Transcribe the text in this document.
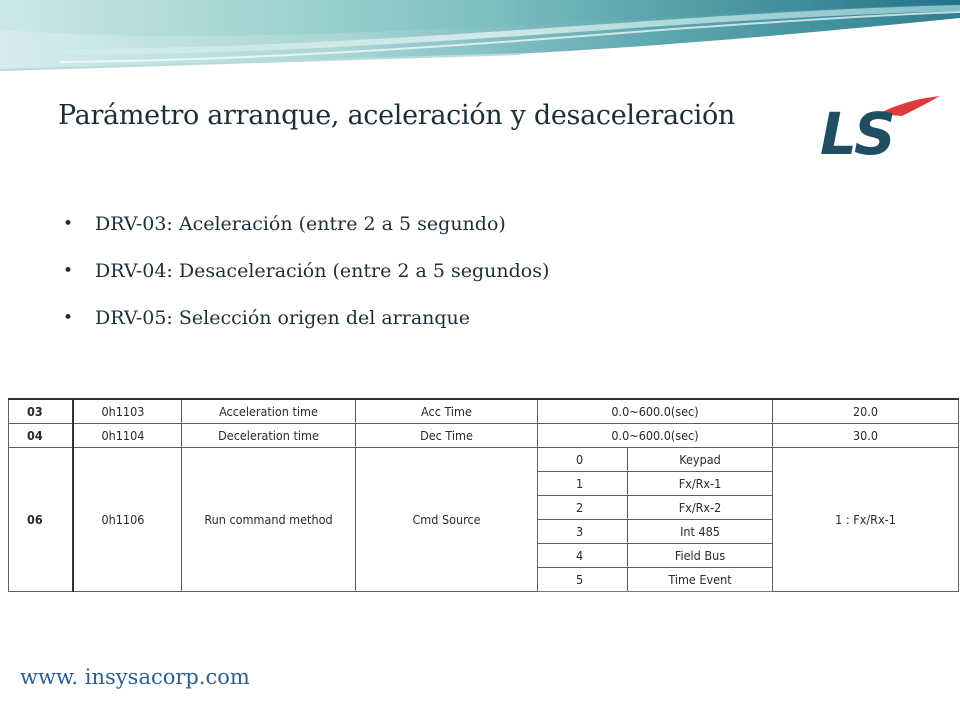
Parámetro arranque, aceleración y desaceleración LS
• DRV-03: Aceleración (entre 2 a 5 segundo)
• DRV-04: Desaceleración (entre 2 a 5 segundos)
• DRV-05: Selección origen del arranque
03	0h1103	Acceleration time	Acc Time	0.0~600.0(sec)		20.0
04	0h1104	Deceleration time	Dec Time	0.0~600.0(sec)		30.0
06	0h1106	Run command method	Cmd Source	0	Keypad	1 : Fx/Rx-1
				1	Fx/Rx-1	
				2	Fx/Rx-2	
				3	Int 485	
				4	Field Bus	
				5	Time Event	
www. insysacorp.com
